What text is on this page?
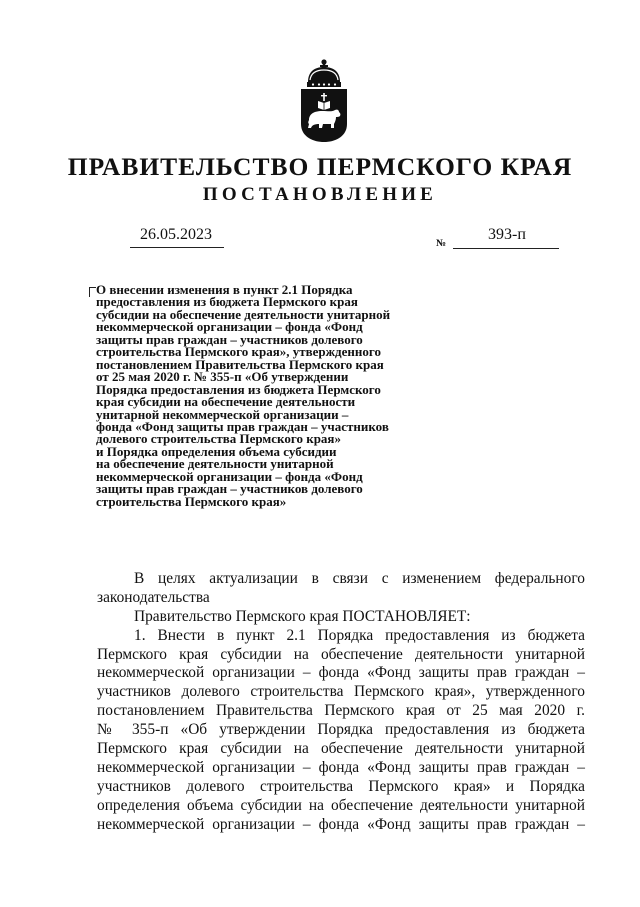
ПРАВИТЕЛЬСТВО ПЕРМСКОГО КРАЯ
ПОСТАНОВЛЕНИЕ
26.05.2023
№
393-п
О внесении изменения в пункт 2.1 Порядка
предоставления из бюджета Пермского края
субсидии на обеспечение деятельности унитарной
некоммерческой организации – фонда «Фонд
защиты прав граждан – участников долевого
строительства Пермского края», утвержденного
постановлением Правительства Пермского края
от 25 мая 2020 г. № 355-п «Об утверждении
Порядка предоставления из бюджета Пермского
края субсидии на обеспечение деятельности
унитарной некоммерческой организации –
фонда «Фонд защиты прав граждан – участников
долевого строительства Пермского края»
и Порядка определения объема субсидии
на обеспечение деятельности унитарной
некоммерческой организации – фонда «Фонд
защиты прав граждан – участников долевого
строительства Пермского края»
В целях актуализации в связи с изменением федерального
законодательства
Правительство Пермского края ПОСТАНОВЛЯЕТ:
1. Внести в пункт 2.1 Порядка предоставления из бюджета
Пермского края субсидии на обеспечение деятельности унитарной
некоммерческой организации – фонда «Фонд защиты прав граждан –
участников долевого строительства Пермского края», утвержденного
постановлением Правительства Пермского края от 25 мая 2020 г.
№ 355-п «Об утверждении Порядка предоставления из бюджета
Пермского края субсидии на обеспечение деятельности унитарной
некоммерческой организации – фонда «Фонд защиты прав граждан –
участников долевого строительства Пермского края» и Порядка
определения объема субсидии на обеспечение деятельности унитарной
некоммерческой организации – фонда «Фонд защиты прав граждан –
